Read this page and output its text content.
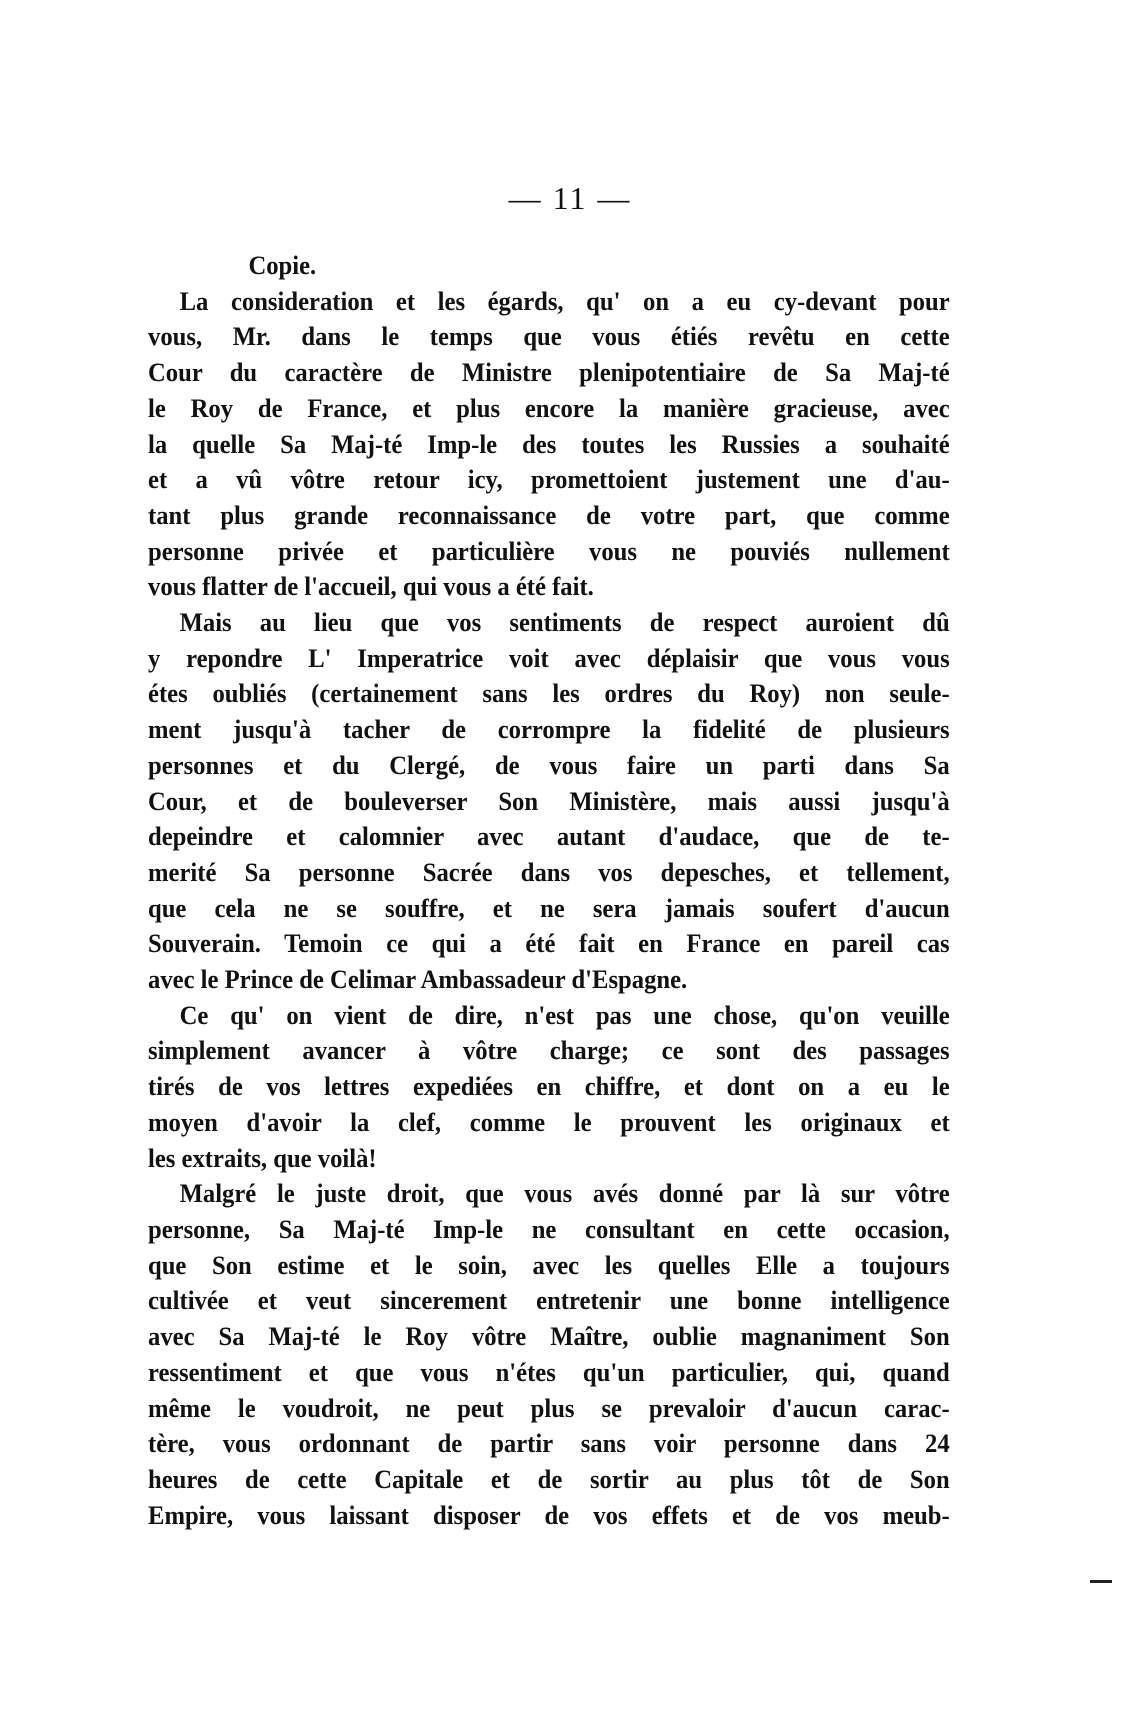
— 11 —
Copie.
La consideration et les égards, qu' on a eu cy-devant pour
vous, Mr. dans le temps que vous étiés revêtu en cette
Cour du caractère de Ministre plenipotentiaire de Sa Maj-té
le Roy de France, et plus encore la manière gracieuse, avec
la quelle Sa Maj-té Imp-le des toutes les Russies a souhaité
et a vû vôtre retour icy, promettoient justement une d'au-
tant plus grande reconnaissance de votre part, que comme
personne privée et particulière vous ne pouviés nullement
vous flatter de l'accueil, qui vous a été fait.
Mais au lieu que vos sentiments de respect auroient dû
y repondre L' Imperatrice voit avec déplaisir que vous vous
étes oubliés (certainement sans les ordres du Roy) non seule-
ment jusqu'à tacher de corrompre la fidelité de plusieurs
personnes et du Clergé, de vous faire un parti dans Sa
Cour, et de bouleverser Son Ministère, mais aussi jusqu'à
depeindre et calomnier avec autant d'audace, que de te-
merité Sa personne Sacrée dans vos depesches, et tellement,
que cela ne se souffre, et ne sera jamais soufert d'aucun
Souverain. Temoin ce qui a été fait en France en pareil cas
avec le Prince de Celimar Ambassadeur d'Espagne.
Ce qu' on vient de dire, n'est pas une chose, qu'on veuille
simplement avancer à vôtre charge; ce sont des passages
tirés de vos lettres expediées en chiffre, et dont on a eu le
moyen d'avoir la clef, comme le prouvent les originaux et
les extraits, que voilà!
Malgré le juste droit, que vous avés donné par là sur vôtre
personne, Sa Maj-té Imp-le ne consultant en cette occasion,
que Son estime et le soin, avec les quelles Elle a toujours
cultivée et veut sincerement entretenir une bonne intelligence
avec Sa Maj-té le Roy vôtre Maître, oublie magnaniment Son
ressentiment et que vous n'étes qu'un particulier, qui, quand
même le voudroit, ne peut plus se prevaloir d'aucun carac-
tère, vous ordonnant de partir sans voir personne dans 24
heures de cette Capitale et de sortir au plus tôt de Son
Empire, vous laissant disposer de vos effets et de vos meub-
